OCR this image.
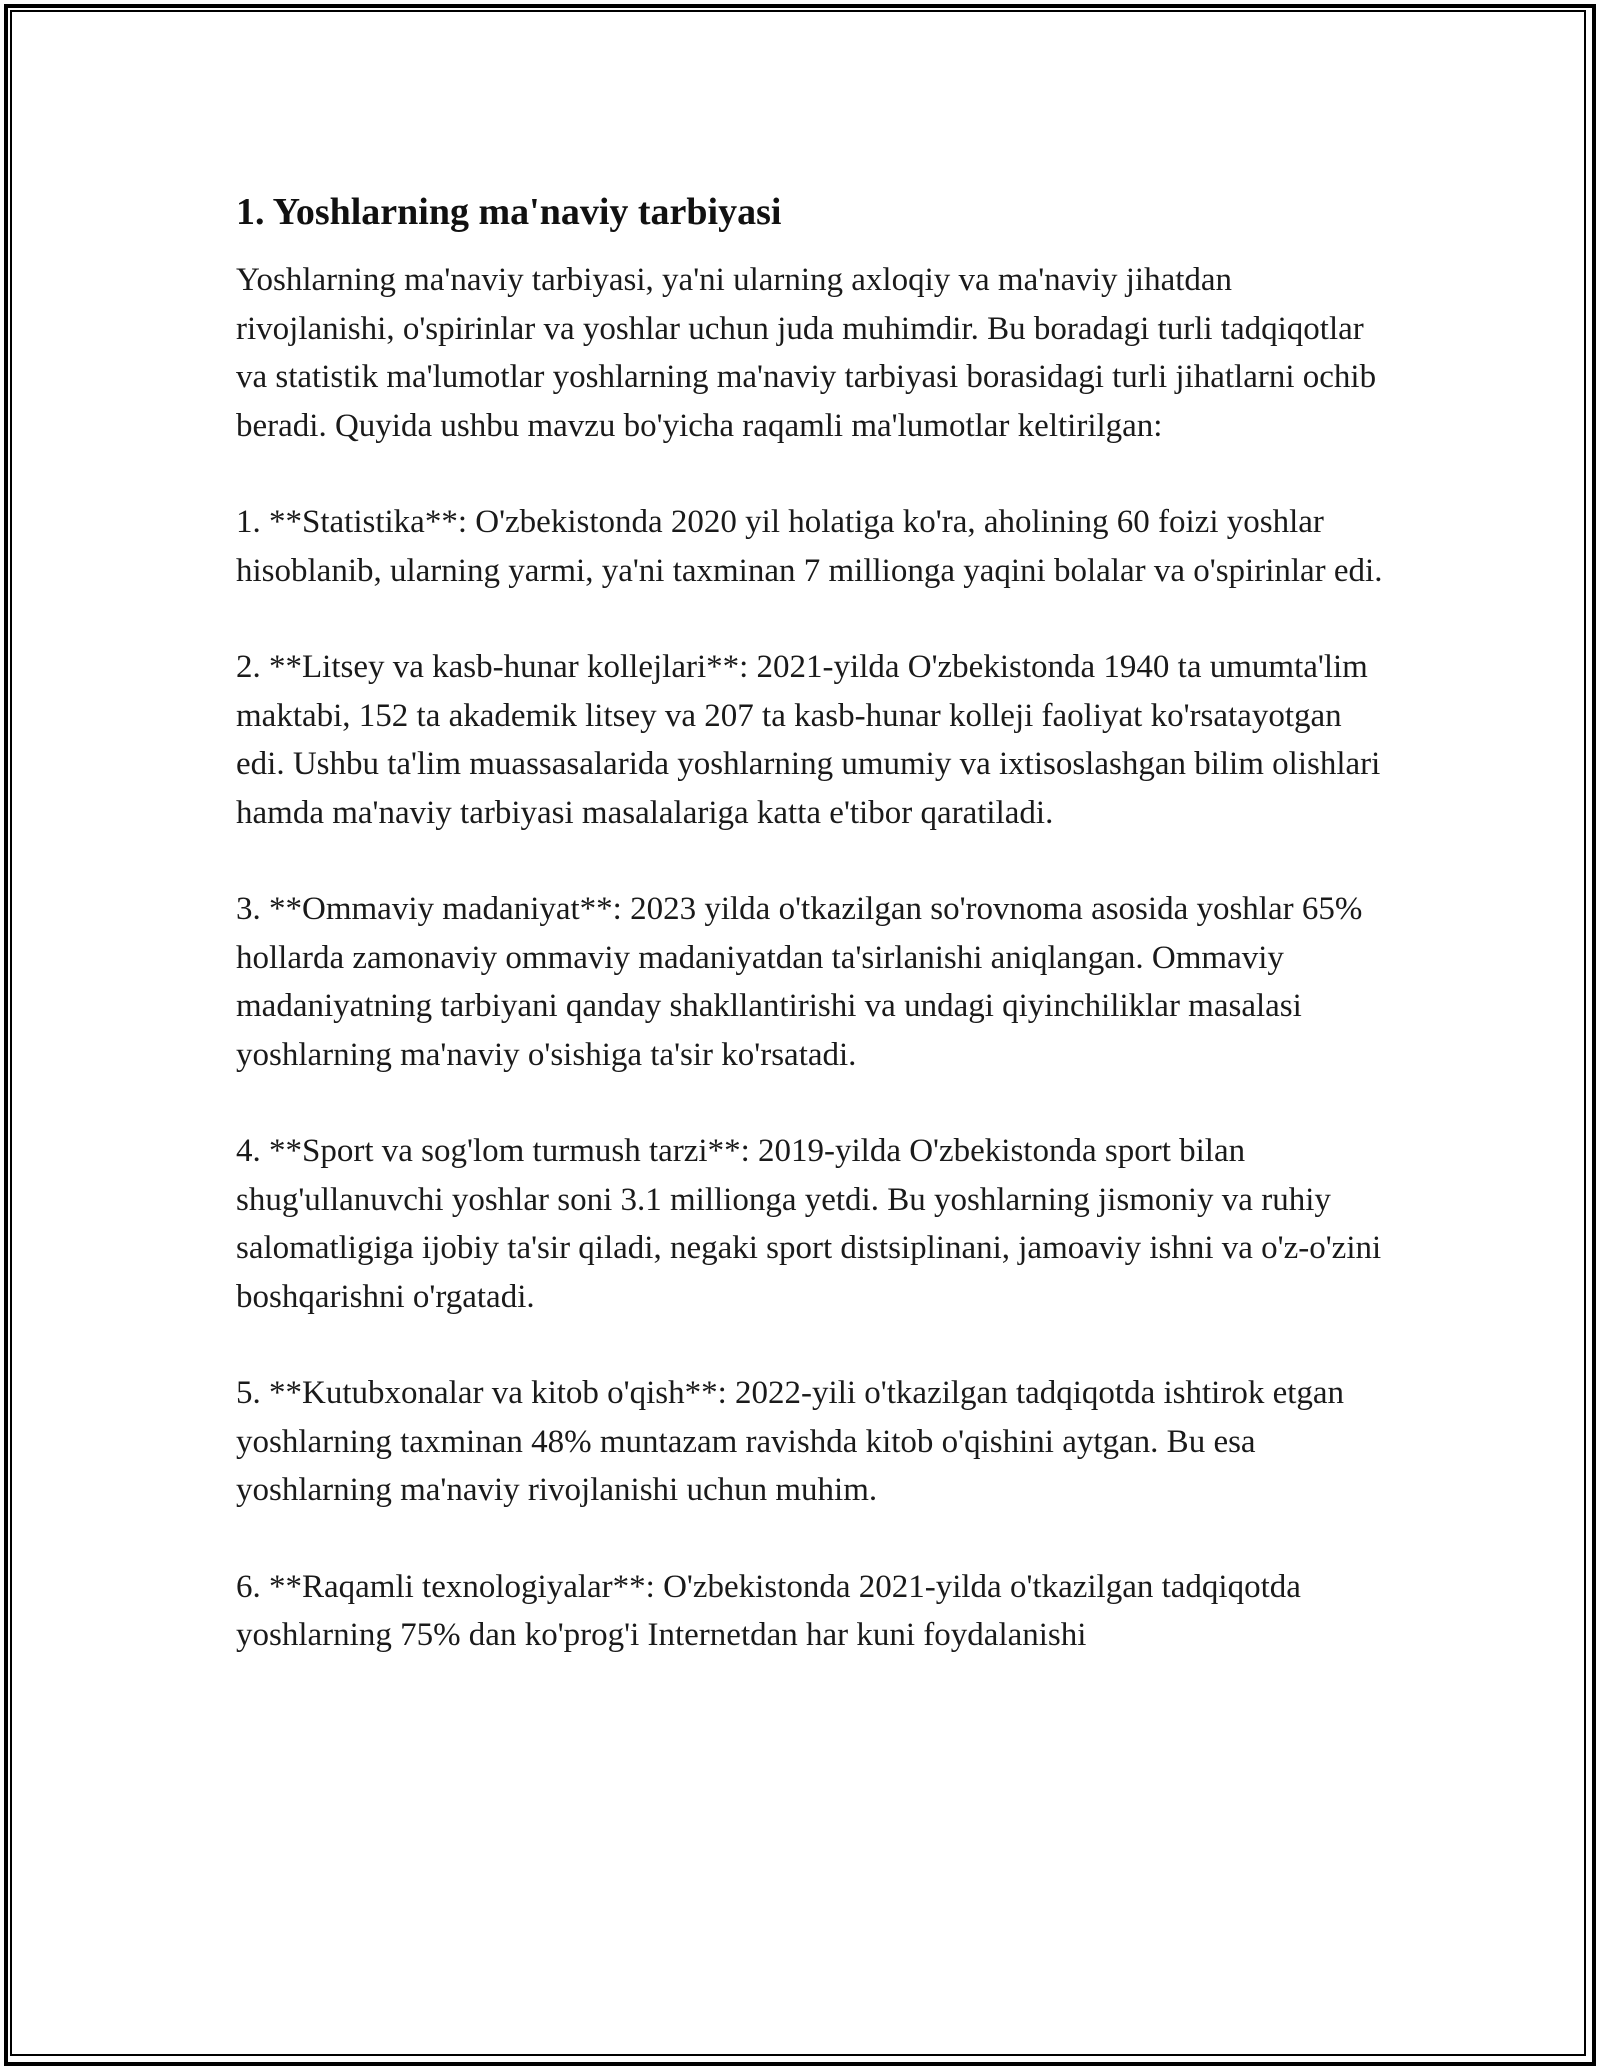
1. Yoshlarning ma'naviy tarbiyasi

Yoshlarning ma'naviy tarbiyasi, ya'ni ularning axloqiy va ma'naviy jihatdan rivojlanishi, o'spirinlar va yoshlar uchun juda muhimdir. Bu boradagi turli tadqiqotlar va statistik ma'lumotlar yoshlarning ma'naviy tarbiyasi borasidagi turli jihatlarni ochib beradi. Quyida ushbu mavzu bo'yicha raqamli ma'lumotlar keltirilgan:

1. **Statistika**: O'zbekistonda 2020 yil holatiga ko'ra, aholining 60 foizi yoshlar hisoblanib, ularning yarmi, ya'ni taxminan 7 millionga yaqini bolalar va o'spirinlar edi.

2. **Litsey va kasb-hunar kollejlari**: 2021-yilda O'zbekistonda 1940 ta umumta'lim maktabi, 152 ta akademik litsey va 207 ta kasb-hunar kolleji faoliyat ko'rsatayotgan edi. Ushbu ta'lim muassasalarida yoshlarning umumiy va ixtisoslashgan bilim olishlari hamda ma'naviy tarbiyasi masalalariga katta e'tibor qaratiladi.

3. **Ommaviy madaniyat**: 2023 yilda o'tkazilgan so'rovnoma asosida yoshlar 65% hollarda zamonaviy ommaviy madaniyatdan ta'sirlanishi aniqlangan. Ommaviy madaniyatning tarbiyani qanday shakllantirishi va undagi qiyinchiliklar masalasi yoshlarning ma'naviy o'sishiga ta'sir ko'rsatadi.

4. **Sport va sog'lom turmush tarzi**: 2019-yilda O'zbekistonda sport bilan shug'ullanuvchi yoshlar soni 3.1 millionga yetdi. Bu yoshlarning jismoniy va ruhiy salomatligiga ijobiy ta'sir qiladi, negaki sport distsiplinani, jamoaviy ishni va o'z-o'zini boshqarishni o'rgatadi.

5. **Kutubxonalar va kitob o'qish**: 2022-yili o'tkazilgan tadqiqotda ishtirok etgan yoshlarning taxminan 48% muntazam ravishda kitob o'qishini aytgan. Bu esa yoshlarning ma'naviy rivojlanishi uchun muhim.

6. **Raqamli texnologiyalar**: O'zbekistonda 2021-yilda o'tkazilgan tadqiqotda yoshlarning 75% dan ko'prog'i Internetdan har kuni foydalanishi
